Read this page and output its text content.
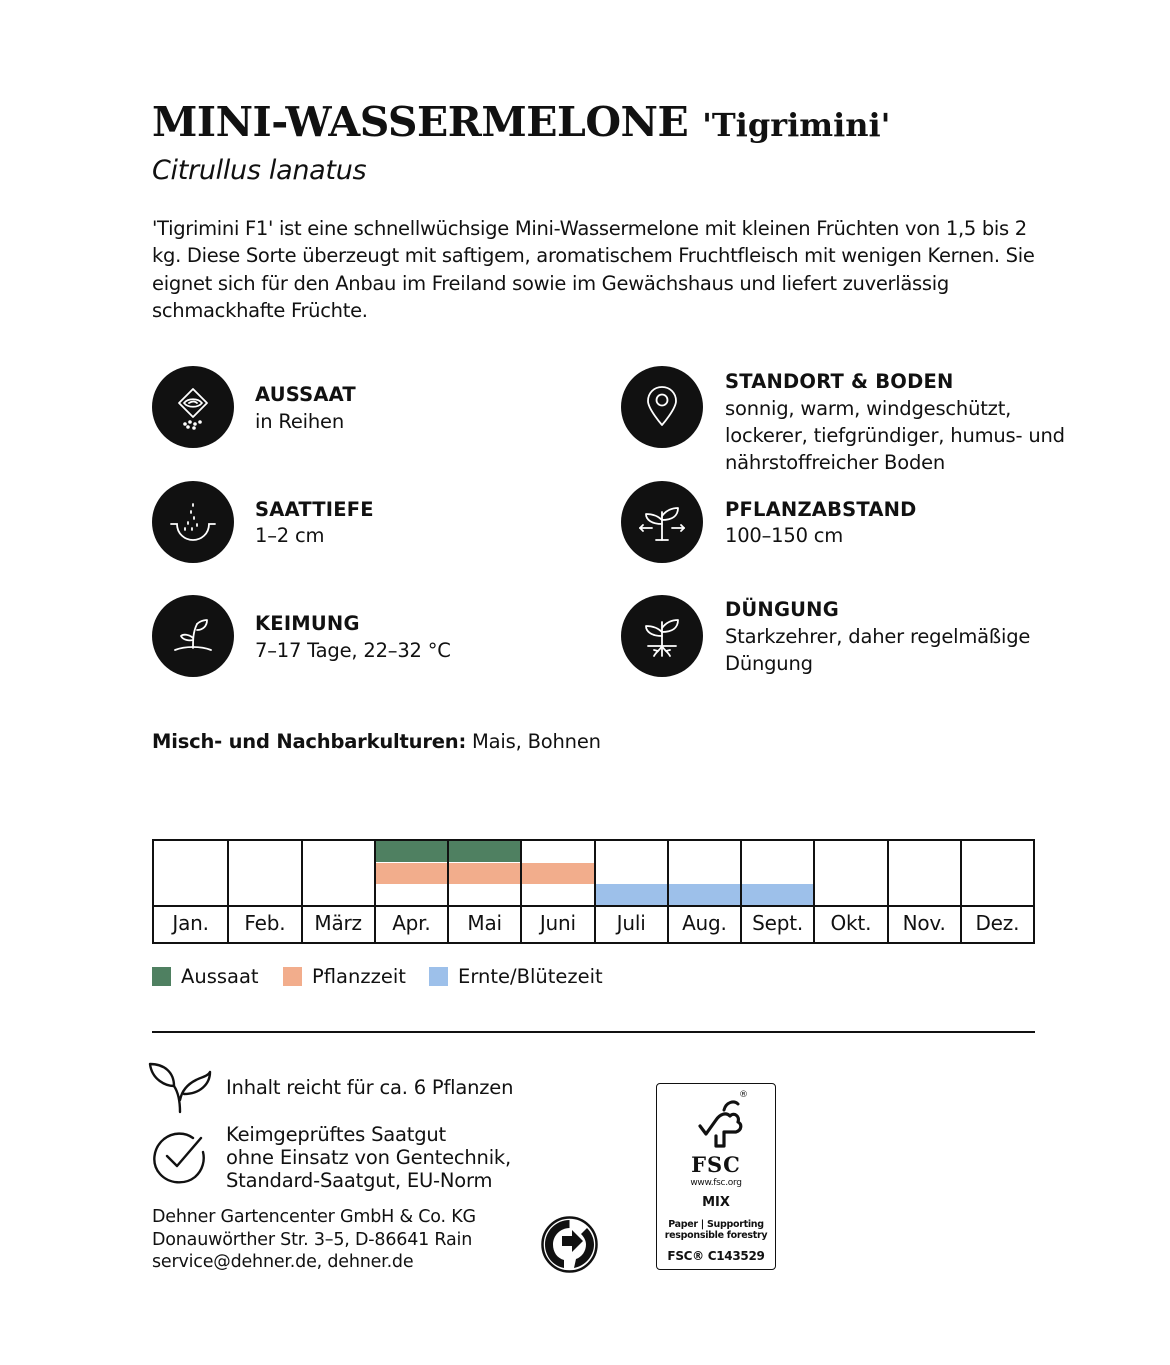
MINI-WASSERMELONE 'Tigrimini'
Citrullus lanatus
'Tigrimini F1' ist eine schnellwüchsige Mini-Wassermelone mit kleinen Früchten von 1,5 bis 2 kg. Diese Sorte überzeugt mit saftigem, aromatischem Fruchtfleisch mit wenigen Kernen. Sie eignet sich für den Anbau im Freiland sowie im Gewächshaus und liefert zuverlässig schmackhafte Früchte.
AUSSAAT
in Reihen
SAATTIEFE
1–2 cm
KEIMUNG
7–17 Tage, 22–32 °C
STANDORT & BODEN
sonnig, warm, windgeschützt, lockerer, tiefgründiger, humus- und nährstoffreicher Boden
PFLANZABSTAND
100–150 cm
DÜNGUNG
Starkzehrer, daher regelmäßige Düngung
Misch- und Nachbarkulturen: Mais, Bohnen
Jan.	Feb.	März	Apr.	Mai	Juni	Juli	Aug.	Sept.	Okt.	Nov.	Dez.
Aussaat	Pflanzzeit	Ernte/Blütezeit
Inhalt reicht für ca. 6 Pflanzen
Keimgeprüftes Saatgut
ohne Einsatz von Gentechnik,
Standard-Saatgut, EU-Norm
Dehner Gartencenter GmbH & Co. KG
Donauwörther Str. 3–5, D-86641 Rain
service@dehner.de, dehner.de
®
FSC
www.fsc.org
MIX
Paper | Supporting
responsible forestry
FSC® C143529
